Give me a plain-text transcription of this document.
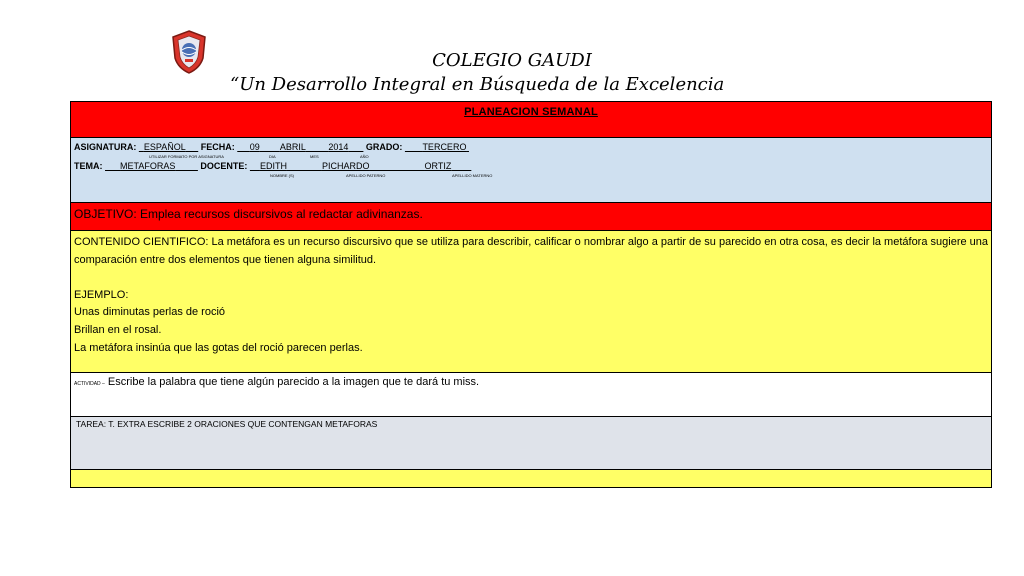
COLEGIO GAUDI
“Un Desarrollo Integral en Búsqueda de la Excelencia
PLANEACION SEMANAL
ASIGNATURA: ESPAÑOL FECHA: 09 ABRIL	2014 GRADO: TERCERO
UTILIZAR FORMATO POR ASIGNATURA	DIA	MES	AÑO
TEMA: METAFORAS	DOCENTE: EDITH	PICHARDO	ORTIZ
NOMBRE (S)	APELLIDO PATERNO	APELLIDO MATERNO
OBJETIVO: Emplea recursos discursivos al redactar adivinanzas.
CONTENIDO CIENTIFICO: La metáfora es un recurso discursivo que se utiliza para describir, calificar o nombrar algo a partir de su parecido en otra cosa, es decir la metáfora sugiere una comparación entre dos elementos que tienen alguna similitud.
EJEMPLO:
Unas diminutas perlas de roció
Brillan en el rosal.
La metáfora insinúa que las gotas del roció parecen perlas.
ACTIVIDAD – Escribe la palabra que tiene algún parecido a la imagen que te dará tu miss.
TAREA: T. EXTRA ESCRIBE 2 ORACIONES QUE CONTENGAN METAFORAS
